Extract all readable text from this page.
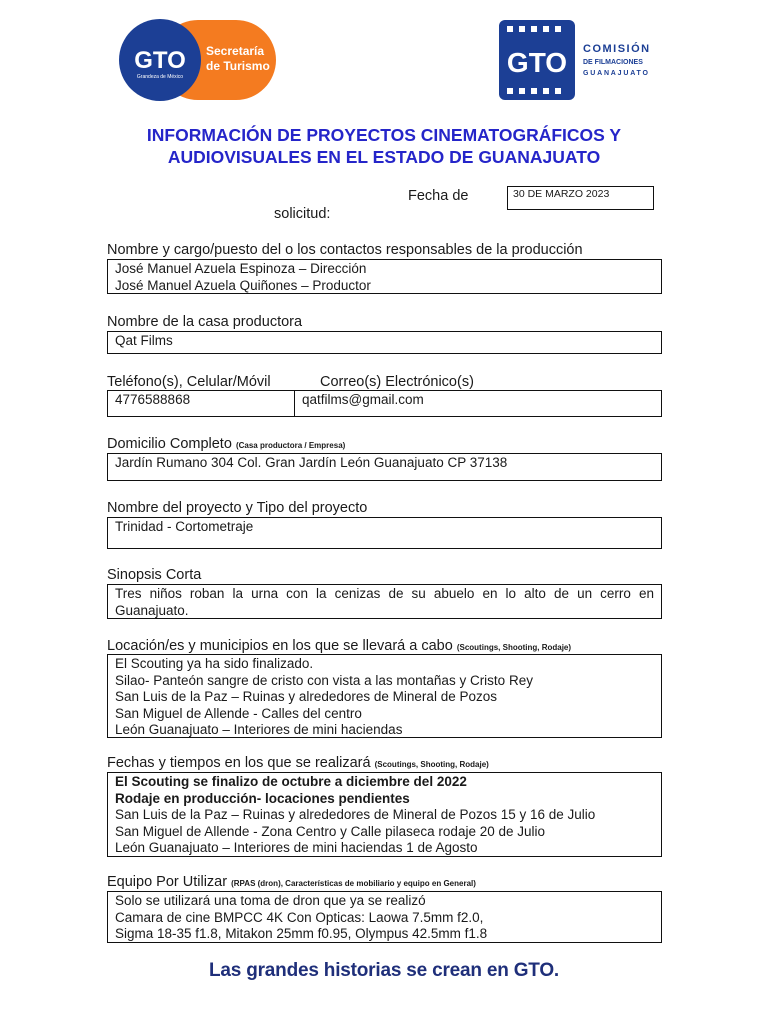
GTO
Grandeza de México
Secretaría
de Turismo	GTO COMISIÓN
DE FILMACIONES
GUANAJUATO
INFORMACIÓN DE PROYECTOS CINEMATOGRÁFICOS Y
AUDIOVISUALES EN EL ESTADO DE GUANAJUATO
Fecha de
solicitud:
30 DE MARZO 2023
Nombre y cargo/puesto del o los contactos responsables de la producción
José Manuel Azuela Espinoza – Dirección
José Manuel Azuela Quiñones – Productor
Nombre de la casa productora
Qat Films
Teléfono(s), Celular/Móvil	Correo(s) Electrónico(s)
4776588868	qatfilms@gmail.com
Domicilio Completo (Casa productora / Empresa)
Jardín Rumano 304 Col. Gran Jardín León Guanajuato CP 37138
Nombre del proyecto y Tipo del proyecto
Trinidad - Cortometraje
Sinopsis Corta
Tres niños roban la urna con la cenizas de su abuelo en lo alto de un cerro en Guanajuato.
Locación/es y municipios en los que se llevará a cabo (Scoutings, Shooting, Rodaje)
El Scouting ya ha sido finalizado.
Silao- Panteón sangre de cristo con vista a las montañas y Cristo Rey
San Luis de la Paz – Ruinas y alrededores de Mineral de Pozos
San Miguel de Allende - Calles del centro
León Guanajuato – Interiores de mini haciendas
Fechas y tiempos en los que se realizará (Scoutings, Shooting, Rodaje)
El Scouting se finalizo de octubre a diciembre del 2022
Rodaje en producción- locaciones pendientes
San Luis de la Paz – Ruinas y alrededores de Mineral de Pozos 15 y 16 de Julio
San Miguel de Allende - Zona Centro y Calle pilaseca rodaje 20 de Julio
León Guanajuato – Interiores de mini haciendas 1 de Agosto
Equipo Por Utilizar (RPAS (dron), Características de mobiliario y equipo en General)
Solo se utilizará una toma de dron que ya se realizó
Camara de cine BMPCC 4K Con Opticas: Laowa 7.5mm f2.0,
Sigma 18-35 f1.8, Mitakon 25mm f0.95, Olympus 42.5mm f1.8
Las grandes historias se crean en GTO.
